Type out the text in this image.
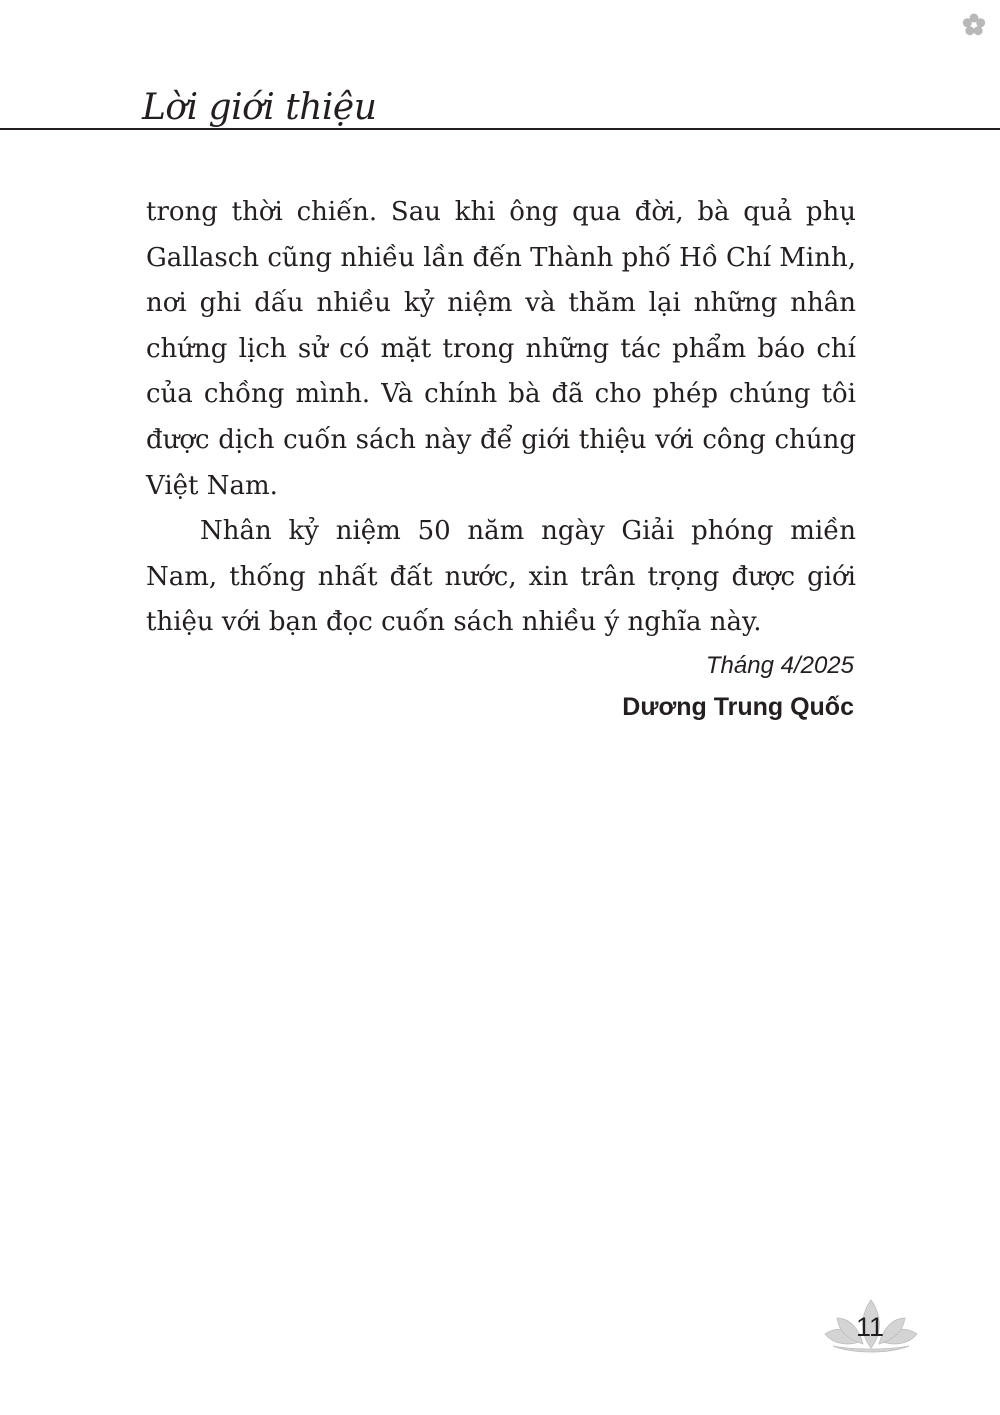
Lời giới thiệu

trong thời chiến. Sau khi ông qua đời, bà quả phụ Gallasch cũng nhiều lần đến Thành phố Hồ Chí Minh, nơi ghi dấu nhiều kỷ niệm và thăm lại những nhân chứng lịch sử có mặt trong những tác phẩm báo chí của chồng mình. Và chính bà đã cho phép chúng tôi được dịch cuốn sách này để giới thiệu với công chúng Việt Nam.

Nhân kỷ niệm 50 năm ngày Giải phóng miền Nam, thống nhất đất nước, xin trân trọng được giới thiệu với bạn đọc cuốn sách nhiều ý nghĩa này.

Tháng 4/2025
Dương Trung Quốc
11
